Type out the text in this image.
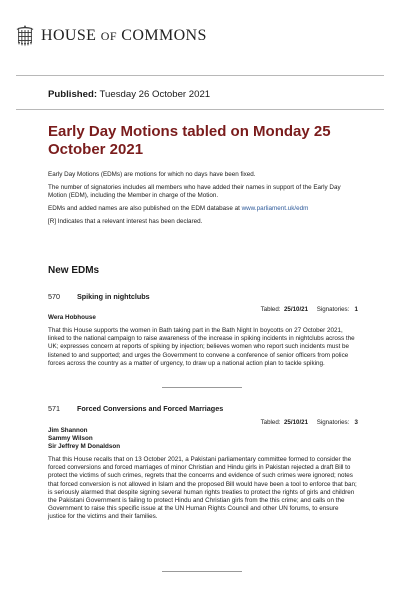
HOUSE OF COMMONS
Published: Tuesday 26 October 2021
Early Day Motions tabled on Monday 25 October 2021

Early Day Motions (EDMs) are motions for which no days have been fixed.

The number of signatories includes all members who have added their names in support of the Early Day Motion (EDM), including the Member in charge of the Motion.

EDMs and added names are also published on the EDM database at www.parliament.uk/edm

[R] Indicates that a relevant interest has been declared.

New EDMs
570 Spiking in nightclubs
Tabled: 25/10/21 Signatories: 1
Wera Hobhouse
That this House supports the women in Bath taking part in the Bath Night In boycotts on 27 October 2021, linked to the national campaign to raise awareness of the increase in spiking incidents in nightclubs across the UK; expresses concern at reports of spiking by injection; believes women who report such incidents must be listened to and supported; and urges the Government to convene a conference of senior officers from police forces across the country as a matter of urgency, to draw up a national action plan to tackle spiking.
571 Forced Conversions and Forced Marriages
Tabled: 25/10/21 Signatories: 3
Jim Shannon
Sammy Wilson
Sir Jeffrey M Donaldson
That this House recalls that on 13 October 2021, a Pakistani parliamentary committee formed to consider the forced conversions and forced marriages of minor Christian and Hindu girls in Pakistan rejected a draft Bill to protect the victims of such crimes, regrets that the concerns and evidence of such crimes were ignored; notes that forced conversion is not allowed in Islam and the proposed Bill would have been a tool to enforce that ban; is seriously alarmed that despite signing several human rights treaties to protect the rights of girls and children the Pakistani Government is failing to protect Hindu and Christian girls from the this crime; and calls on the Government to raise this specific issue at the UN Human Rights Council and other UN forums, to ensure justice for the victims and their families.
